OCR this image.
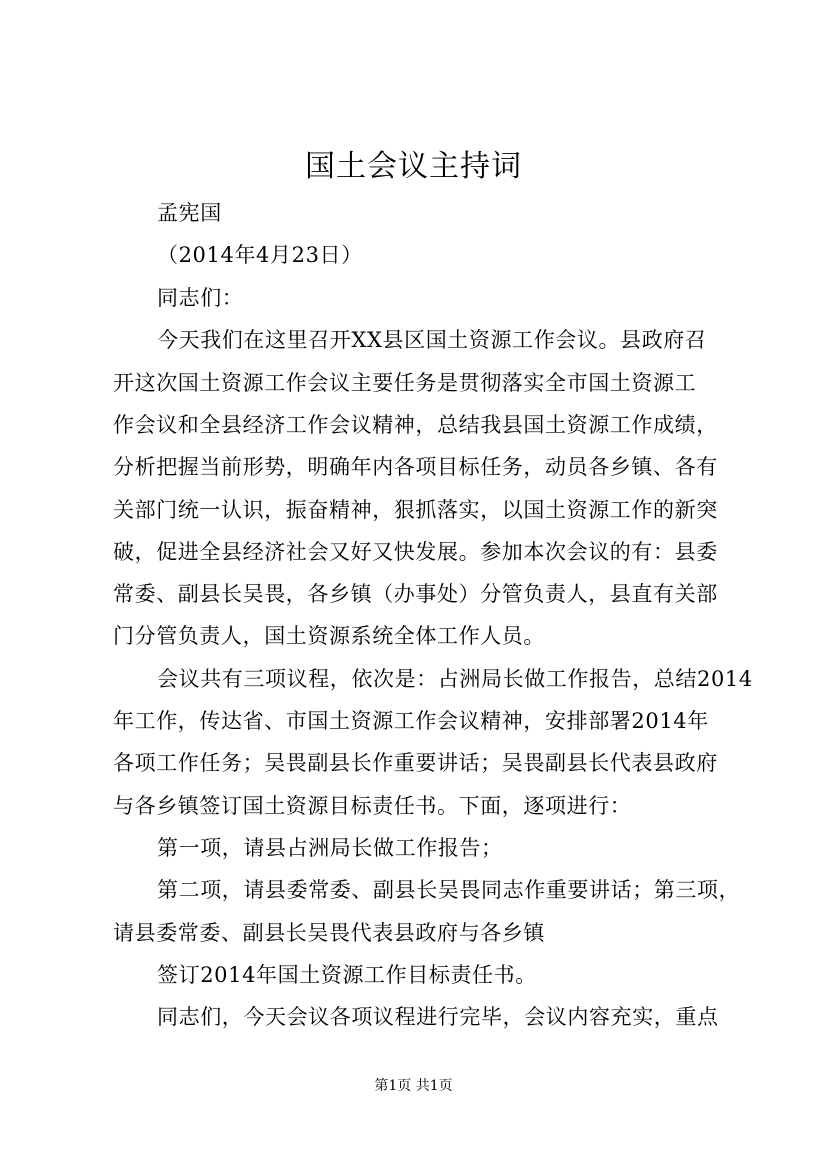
国土会议主持词
孟宪国
（2014年4月23日）
同志们：
今天我们在这里召开XX县区国土资源工作会议。县政府召
开这次国土资源工作会议主要任务是贯彻落实全市国土资源工
作会议和全县经济工作会议精神，总结我县国土资源工作成绩，
分析把握当前形势，明确年内各项目标任务，动员各乡镇、各有
关部门统一认识，振奋精神，狠抓落实，以国土资源工作的新突
破，促进全县经济社会又好又快发展。参加本次会议的有：县委
常委、副县长吴畏，各乡镇（办事处）分管负责人，县直有关部
门分管负责人，国土资源系统全体工作人员。
会议共有三项议程，依次是：占洲局长做工作报告，总结2014
年工作，传达省、市国土资源工作会议精神，安排部署2014年
各项工作任务；吴畏副县长作重要讲话；吴畏副县长代表县政府
与各乡镇签订国土资源目标责任书。下面，逐项进行：
第一项，请县占洲局长做工作报告；
第二项，请县委常委、副县长吴畏同志作重要讲话；第三项，
请县委常委、副县长吴畏代表县政府与各乡镇
签订2014年国土资源工作目标责任书。
同志们，今天会议各项议程进行完毕，会议内容充实，重点
第1页 共1页
